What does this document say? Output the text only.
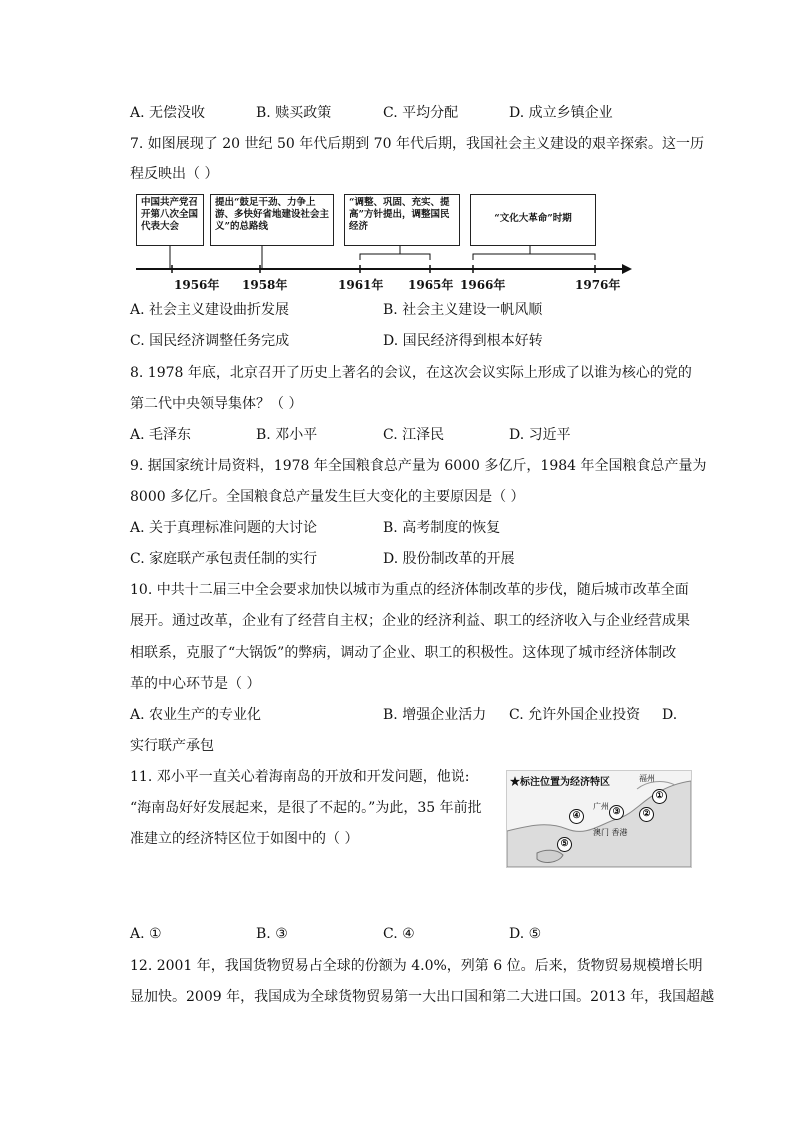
A. 无偿没收	B. 赎买政策	C. 平均分配	D. 成立乡镇企业
7. 如图展现了 20 世纪 50 年代后期到 70 年代后期，我国社会主义建设的艰辛探索。这一历
程反映出（ ）
中国共产党召开第八次全国代表大会
提出“鼓足干劲、力争上游、多快好省地建设社会主义”的总路线
“调整、巩固、充实、提高”方针提出，调整国民经济
“文化大革命”时期
1956年 1958年	1961年 1965年 1966年	1976年
A. 社会主义建设曲折发展	B. 社会主义建设一帆风顺
C. 国民经济调整任务完成	D. 国民经济得到根本好转
8. 1978 年底，北京召开了历史上著名的会议，在这次会议实际上形成了以谁为核心的党的
第二代中央领导集体？（ ）
A. 毛泽东	B. 邓小平	C. 江泽民	D. 习近平
9. 据国家统计局资料，1978 年全国粮食总产量为 6000 多亿斤，1984 年全国粮食总产量为
8000 多亿斤。全国粮食总产量发生巨大变化的主要原因是（ ）
A. 关于真理标准问题的大讨论	B. 高考制度的恢复
C. 家庭联产承包责任制的实行	D. 股份制改革的开展
10. 中共十二届三中全会要求加快以城市为重点的经济体制改革的步伐，随后城市改革全面
展开。通过改革，企业有了经营自主权；企业的经济利益、职工的经济收入与企业经营成果
相联系，克服了“大锅饭”的弊病，调动了企业、职工的积极性。这体现了城市经济体制改
革的中心环节是（ ）
A. 农业生产的专业化	B. 增强企业活力 C. 允许外国企业投资 D.
实行联产承包
11. 邓小平一直关心着海南岛的开放和开发问题，他说:
“海南岛好好发展起来，是很了不起的。”为此，35 年前批
准建立的经济特区位于如图中的（ ）
★标注位置为经济特区	福州
广州
澳门 香港
①
②
③
④
⑤
A. ①	B. ③	C. ④	D. ⑤
12. 2001 年，我国货物贸易占全球的份额为 4.0%，列第 6 位。后来，货物贸易规模增长明
显加快。2009 年，我国成为全球货物贸易第一大出口国和第二大进口国。2013 年，我国超越
